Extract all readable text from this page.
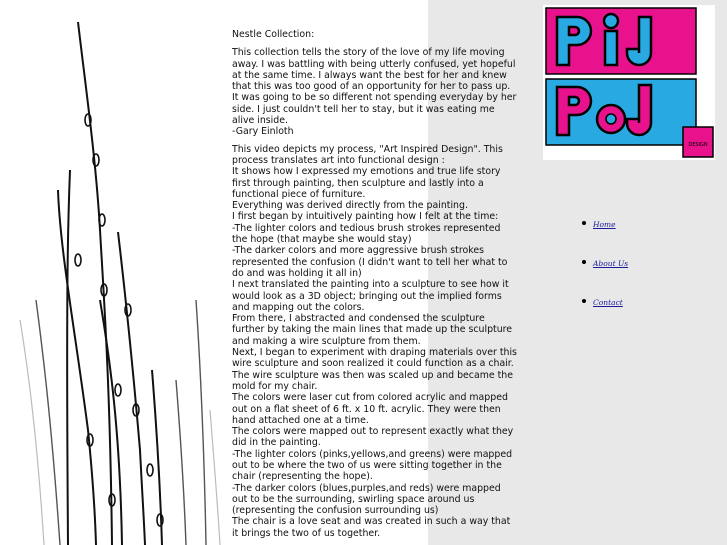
DESIGN

Nestle Collection:

This collection tells the story of the love of my life moving away. I was battling with being utterly confused, yet hopeful at the same time. I always want the best for her and knew that this was too good of an opportunity for her to pass up. It was going to be so different not spending everyday by her side. I just couldn't tell her to stay, but it was eating me alive inside.
-Gary Einloth

This video depicts my process, "Art Inspired Design". This process translates art into functional design :
It shows how I expressed my emotions and true life story first through painting, then sculpture and lastly into a functional piece of furniture.
Everything was derived directly from the painting.
I first began by intuitively painting how I felt at the time:
-The lighter colors and tedious brush strokes represented the hope (that maybe she would stay)
-The darker colors and more aggressive brush strokes represented the confusion (I didn't want to tell her what to do and was holding it all in)
I next translated the painting into a sculpture to see how it would look as a 3D object; bringing out the implied forms and mapping out the colors.
From there, I abstracted and condensed the sculpture further by taking the main lines that made up the sculpture and making a wire sculpture from them.
Next, I began to experiment with draping materials over this wire sculpture and soon realized it could function as a chair.
The wire sculpture was then was scaled up and became the mold for my chair.
The colors were laser cut from colored acrylic and mapped out on a flat sheet of 6 ft. x 10 ft. acrylic. They were then hand attached one at a time.
The colors were mapped out to represent exactly what they did in the painting.
-The lighter colors (pinks,yellows,and greens) were mapped out to be where the two of us were sitting together in the chair (representing the hope).
-The darker colors (blues,purples,and reds) were mapped out to be the surrounding, swirling space around us (representing the confusion surrounding us)
The chair is a love seat and was created in such a way that it brings the two of us together.

Home
About Us
Contact
